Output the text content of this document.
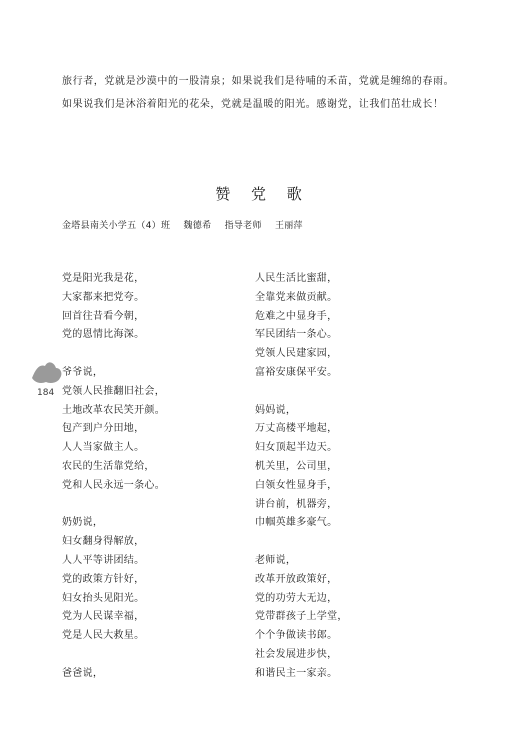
旅行者，党就是沙漠中的一股清泉；如果说我们是待哺的禾苗，党就是缠绵的春雨。如果说我们是沐浴着阳光的花朵，党就是温暖的阳光。感谢党，让我们茁壮成长！
赞 党 歌
金塔县南关小学五（4）班 魏德希 指导老师 王丽萍
184
党是阳光我是花，
大家都来把党夸。
回首往昔看今朝，
党的恩情比海深。
爷爷说，
党领人民推翻旧社会，
土地改革农民笑开颜。
包产到户分田地，
人人当家做主人。
农民的生活靠党给，
党和人民永远一条心。
奶奶说，
妇女翻身得解放，
人人平等讲团结。
党的政策方针好，
妇女抬头见阳光。
党为人民谋幸福，
党是人民大救星。
爸爸说，
人民生活比蜜甜，
全靠党来做贡献。
危难之中显身手，
军民团结一条心。
党领人民建家园，
富裕安康保平安。
妈妈说，
万丈高楼平地起，
妇女顶起半边天。
机关里，公司里，
白领女性显身手，
讲台前，机器旁，
巾帼英雄多豪气。
老师说，
改革开放政策好，
党的功劳大无边，
党带群孩子上学堂，
个个争做读书郎。
社会发展进步快，
和谐民主一家亲。
